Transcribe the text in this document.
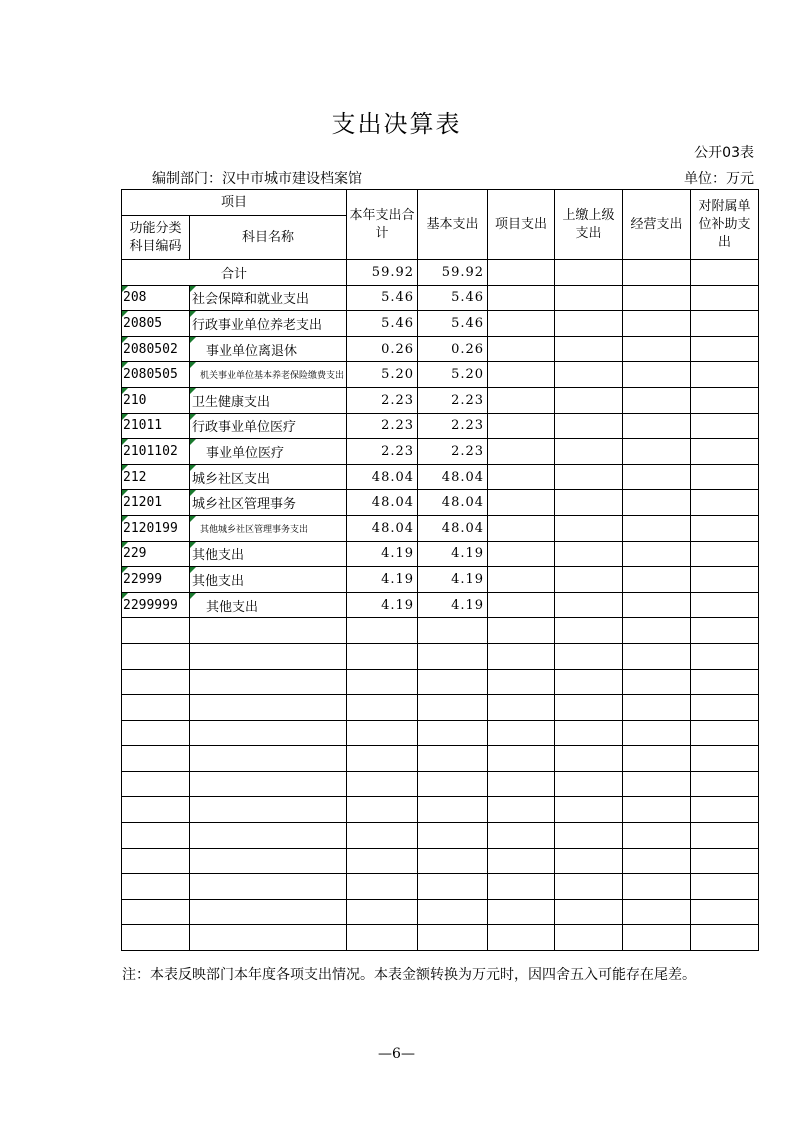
支出决算表
公开03表
编制部门：汉中市城市建设档案馆	单位：万元
项目		本年支出合计	基本支出	项目支出	上缴上级支出	经营支出	对附属单位补助支出
功能分类科目编码	科目名称						
合计		59.92	59.92				
208	社会保障和就业支出	5.46	5.46				
20805	行政事业单位养老支出	5.46	5.46				
2080502	事业单位离退休	0.26	0.26				
2080505	机关事业单位基本养老保险缴费支出	5.20	5.20				
210	卫生健康支出	2.23	2.23				
21011	行政事业单位医疗	2.23	2.23				
2101102	事业单位医疗	2.23	2.23				
212	城乡社区支出	48.04	48.04				
21201	城乡社区管理事务	48.04	48.04				
2120199	其他城乡社区管理事务支出	48.04	48.04				
229	其他支出	4.19	4.19				
22999	其他支出	4.19	4.19				
2299999	其他支出	4.19	4.19				

注：本表反映部门本年度各项支出情况。本表金额转换为万元时，因四舍五入可能存在尾差。
—6—
